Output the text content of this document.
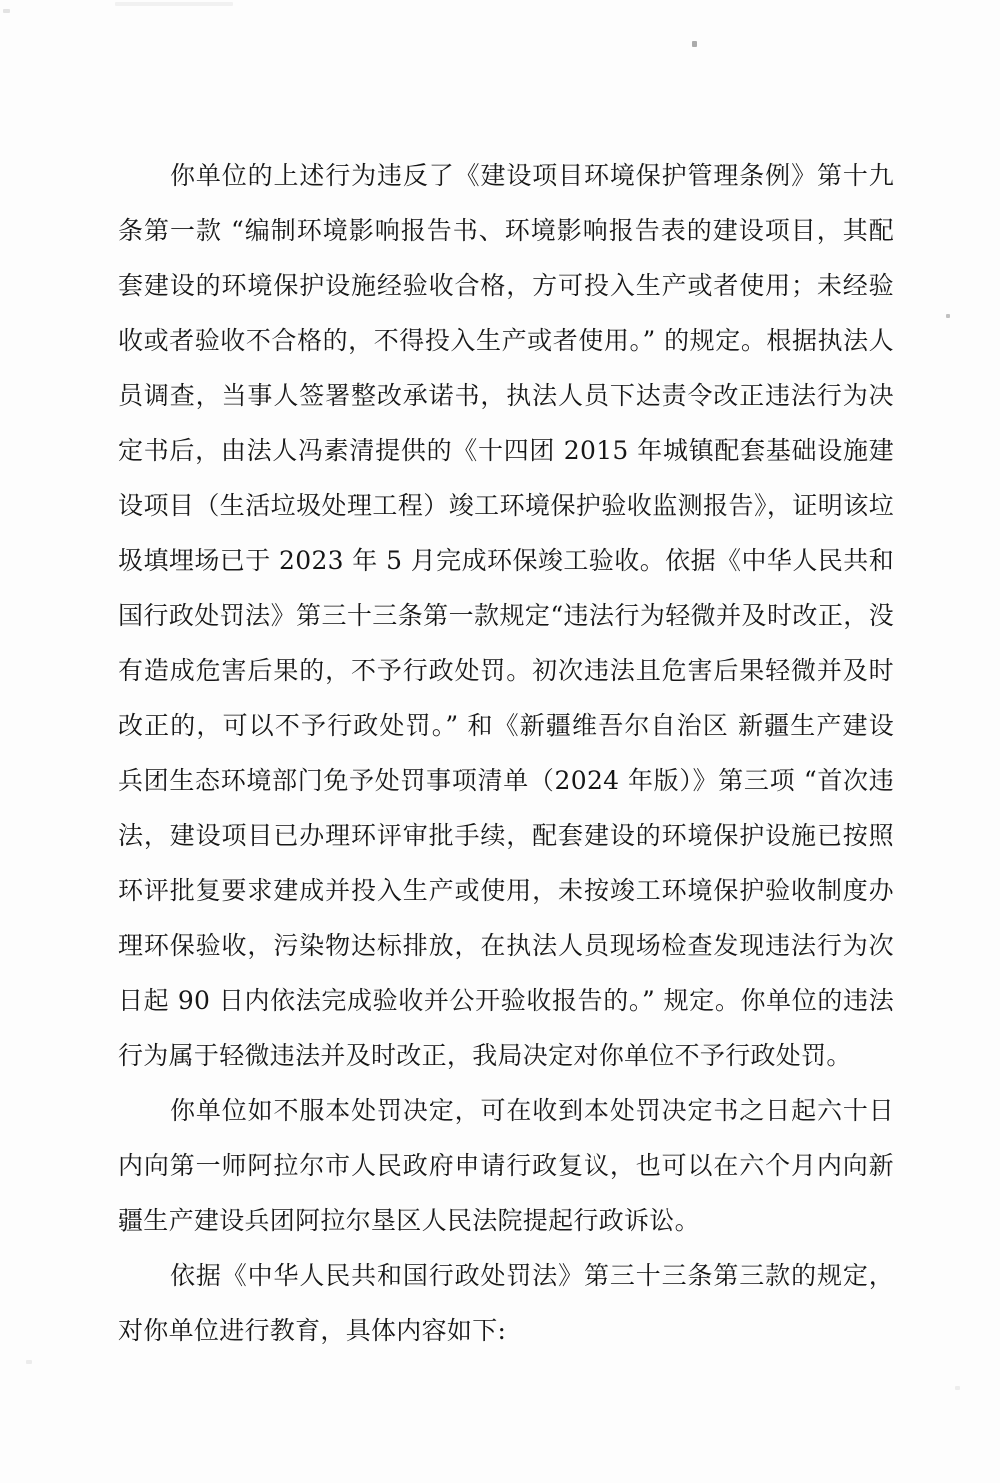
你单位的上述行为违反了《建设项目环境保护管理条例》第十九条第一款 “编制环境影响报告书、环境影响报告表的建设项目，其配套建设的环境保护设施经验收合格，方可投入生产或者使用；未经验收或者验收不合格的，不得投入生产或者使用。” 的规定。根据执法人员调查，当事人签署整改承诺书，执法人员下达责令改正违法行为决定书后，由法人冯素清提供的《十四团 2015 年城镇配套基础设施建设项目（生活垃圾处理工程）竣工环境保护验收监测报告》，证明该垃圾填埋场已于 2023 年 5 月完成环保竣工验收。依据《中华人民共和国行政处罚法》第三十三条第一款规定“违法行为轻微并及时改正，没有造成危害后果的，不予行政处罚。初次违法且危害后果轻微并及时改正的，可以不予行政处罚。” 和《新疆维吾尔自治区 新疆生产建设兵团生态环境部门免予处罚事项清单（2024 年版）》第三项 “首次违法，建设项目已办理环评审批手续，配套建设的环境保护设施已按照环评批复要求建成并投入生产或使用，未按竣工环境保护验收制度办理环保验收，污染物达标排放，在执法人员现场检查发现违法行为次日起 90 日内依法完成验收并公开验收报告的。” 规定。你单位的违法行为属于轻微违法并及时改正，我局决定对你单位不予行政处罚。

你单位如不服本处罚决定，可在收到本处罚决定书之日起六十日内向第一师阿拉尔市人民政府申请行政复议，也可以在六个月内向新疆生产建设兵团阿拉尔垦区人民法院提起行政诉讼。

依据《中华人民共和国行政处罚法》第三十三条第三款的规定，对你单位进行教育，具体内容如下:
